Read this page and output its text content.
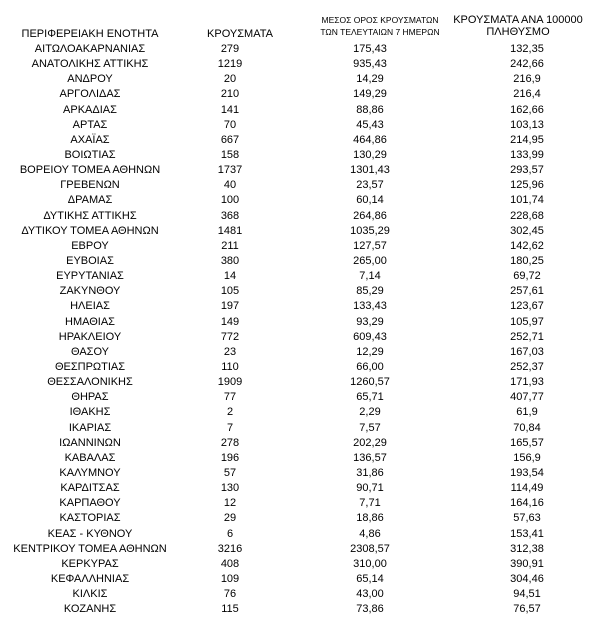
ΠΕΡΙΦΕΡΕΙΑΚΗ ΕΝΟΤΗΤΑ	ΚΡΟΥΣΜΑΤΑ
ΜΕΣΟΣ ΟΡΟΣ ΚΡΟΥΣΜΑΤΩΝ
ΤΩΝ ΤΕΛΕΥΤΑΙΩΝ 7 ΗΜΕΡΩΝ
ΚΡΟΥΣΜΑΤΑ ΑΝΑ 100000
ΠΛΗΘΥΣΜΟ
ΑΙΤΩΛΟΑΚΑΡΝΑΝΙΑΣ	279	175,43	132,35
ΑΝΑΤΟΛΙΚΗΣ ΑΤΤΙΚΗΣ	1219	935,43	242,66
ΑΝΔΡΟΥ	20	14,29	216,9
ΑΡΓΟΛΙΔΑΣ	210	149,29	216,4
ΑΡΚΑΔΙΑΣ	141	88,86	162,66
ΑΡΤΑΣ	70	45,43	103,13
ΑΧΑΪΑΣ	667	464,86	214,95
ΒΟΙΩΤΙΑΣ	158	130,29	133,99
ΒΟΡΕΙΟΥ ΤΟΜΕΑ ΑΘΗΝΩΝ	1737	1301,43	293,57
ΓΡΕΒΕΝΩΝ	40	23,57	125,96
ΔΡΑΜΑΣ	100	60,14	101,74
ΔΥΤΙΚΗΣ ΑΤΤΙΚΗΣ	368	264,86	228,68
ΔΥΤΙΚΟΥ ΤΟΜΕΑ ΑΘΗΝΩΝ	1481	1035,29	302,45
ΕΒΡΟΥ	211	127,57	142,62
ΕΥΒΟΙΑΣ	380	265,00	180,25
ΕΥΡΥΤΑΝΙΑΣ	14	7,14	69,72
ΖΑΚΥΝΘΟΥ	105	85,29	257,61
ΗΛΕΙΑΣ	197	133,43	123,67
ΗΜΑΘΙΑΣ	149	93,29	105,97
ΗΡΑΚΛΕΙΟΥ	772	609,43	252,71
ΘΑΣΟΥ	23	12,29	167,03
ΘΕΣΠΡΩΤΙΑΣ	110	66,00	252,37
ΘΕΣΣΑΛΟΝΙΚΗΣ	1909	1260,57	171,93
ΘΗΡΑΣ	77	65,71	407,77
ΙΘΑΚΗΣ	2	2,29	61,9
ΙΚΑΡΙΑΣ	7	7,57	70,84
ΙΩΑΝΝΙΝΩΝ	278	202,29	165,57
ΚΑΒΑΛΑΣ	196	136,57	156,9
ΚΑΛΥΜΝΟΥ	57	31,86	193,54
ΚΑΡΔΙΤΣΑΣ	130	90,71	114,49
ΚΑΡΠΑΘΟΥ	12	7,71	164,16
ΚΑΣΤΟΡΙΑΣ	29	18,86	57,63
ΚΕΑΣ - ΚΥΘΝΟΥ	6	4,86	153,41
ΚΕΝΤΡΙΚΟΥ ΤΟΜΕΑ ΑΘΗΝΩΝ	3216	2308,57	312,38
ΚΕΡΚΥΡΑΣ	408	310,00	390,91
ΚΕΦΑΛΛΗΝΙΑΣ	109	65,14	304,46
ΚΙΛΚΙΣ	76	43,00	94,51
ΚΟΖΑΝΗΣ	115	73,86	76,57
